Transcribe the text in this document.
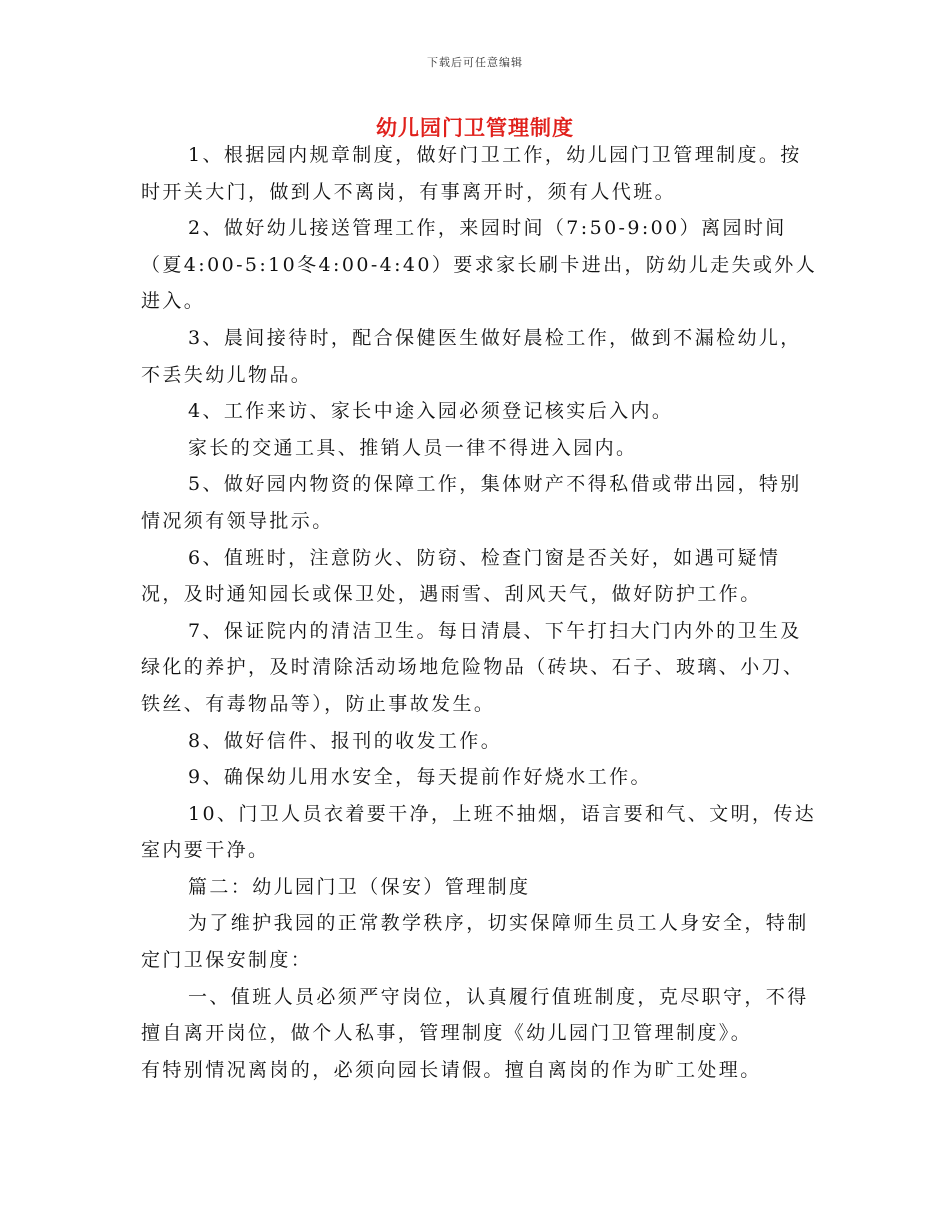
下载后可任意编辑
幼儿园门卫管理制度

1、根据园内规章制度，做好门卫工作，幼儿园门卫管理制度。按时开关大门，做到人不离岗，有事离开时，须有人代班。

2、做好幼儿接送管理工作，来园时间（7:50-9:00）离园时间（夏4:00-5:10冬4:00-4:40）要求家长刷卡进出，防幼儿走失或外人进入。

3、晨间接待时，配合保健医生做好晨检工作，做到不漏检幼儿，不丢失幼儿物品。

4、工作来访、家长中途入园必须登记核实后入内。

家长的交通工具、推销人员一律不得进入园内。

5、做好园内物资的保障工作，集体财产不得私借或带出园，特别情况须有领导批示。

6、值班时，注意防火、防窃、检查门窗是否关好，如遇可疑情况，及时通知园长或保卫处，遇雨雪、刮风天气，做好防护工作。

7、保证院内的清洁卫生。每日清晨、下午打扫大门内外的卫生及绿化的养护，及时清除活动场地危险物品（砖块、石子、玻璃、小刀、铁丝、有毒物品等），防止事故发生。

8、做好信件、报刊的收发工作。

9、确保幼儿用水安全，每天提前作好烧水工作。

10、门卫人员衣着要干净，上班不抽烟，语言要和气、文明，传达室内要干净。

篇二：幼儿园门卫（保安）管理制度

为了维护我园的正常教学秩序，切实保障师生员工人身安全，特制定门卫保安制度：

一、值班人员必须严守岗位，认真履行值班制度，克尽职守，不得擅自离开岗位，做个人私事，管理制度《幼儿园门卫管理制度》。

有特别情况离岗的，必须向园长请假。擅自离岗的作为旷工处理。
